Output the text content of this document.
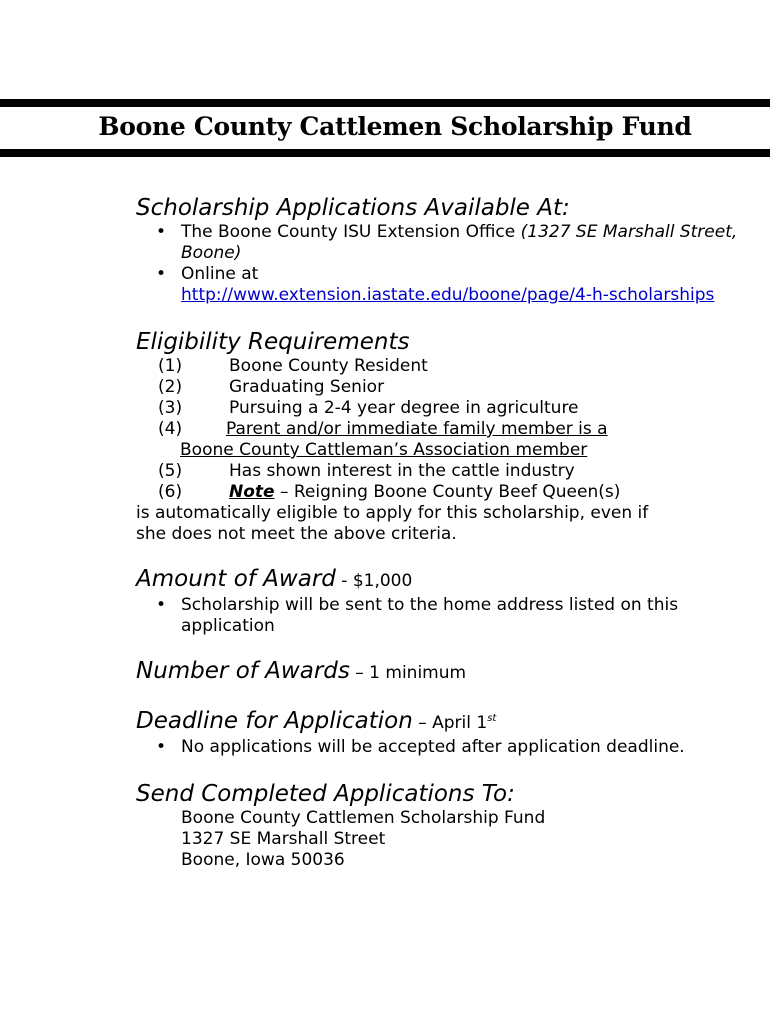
Boone County Cattlemen Scholarship Fund
Scholarship Applications Available At:
• The Boone County ISU Extension Office (1327 SE Marshall Street, Boone)
• Online at
http://www.extension.iastate.edu/boone/page/4-h-scholarships
Eligibility Requirements
(1)	Boone County Resident
(2)	Graduating Senior
(3)	Pursuing a 2-4 year degree in agriculture
(4)	Parent and/or immediate family member is a Boone County Cattleman’s Association member
(5)	Has shown interest in the cattle industry
(6)	Note – Reigning Boone County Beef Queen(s)
is automatically eligible to apply for this scholarship, even if she does not meet the above criteria.
Amount of Award - $1,000
• Scholarship will be sent to the home address listed on this application
Number of Awards – 1 minimum
Deadline for Application – April 1st
• No applications will be accepted after application deadline.
Send Completed Applications To:
Boone County Cattlemen Scholarship Fund
1327 SE Marshall Street
Boone, Iowa 50036
